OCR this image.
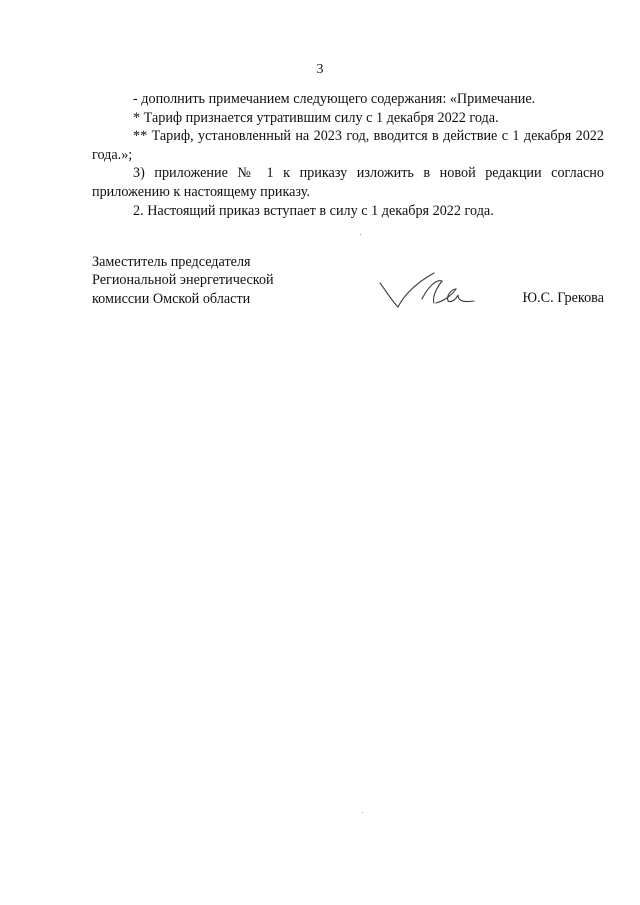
3

- дополнить примечанием следующего содержания: «Примечание.

* Тариф признается утратившим силу с 1 декабря 2022 года.

** Тариф, установленный на 2023 год, вводится в действие с 1 декабря 2022 года.»;

3) приложение № 1 к приказу изложить в новой редакции согласно приложению к настоящему приказу.

2. Настоящий приказ вступает в силу с 1 декабря 2022 года.

Заместитель председателя
Региональной энергетической
комиссии Омской области	Ю.С. Грекова
